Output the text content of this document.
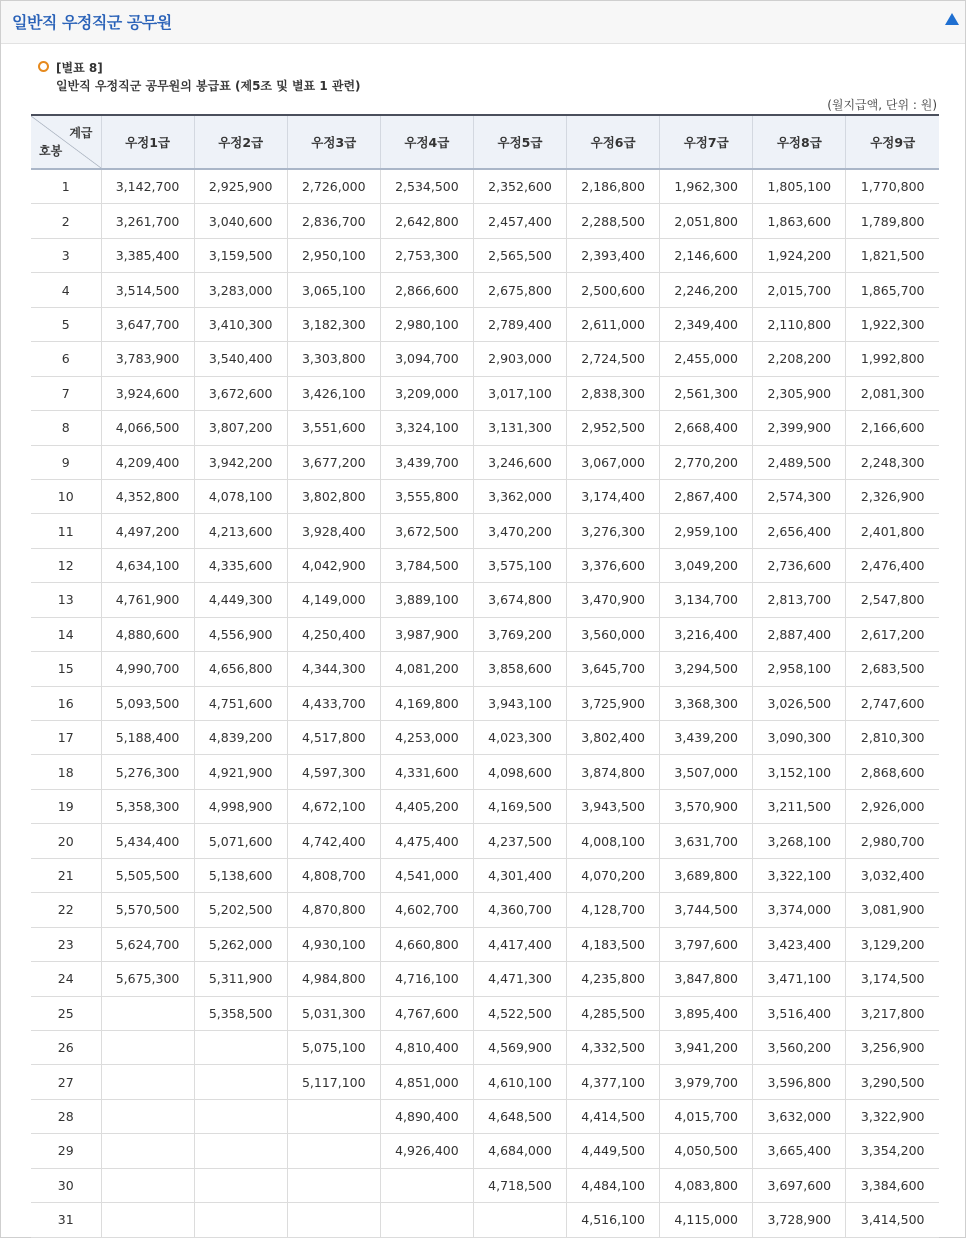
일반직 우정직군 공무원
[별표 8]
일반직 우정직군 공무원의 봉급표 (제5조 및 별표 1 관련)
(월지급액, 단위 : 원)
계급
호봉	우정1급	우정2급	우정3급	우정4급	우정5급	우정6급	우정7급	우정8급	우정9급
1	3,142,700	2,925,900	2,726,000	2,534,500	2,352,600	2,186,800	1,962,300	1,805,100	1,770,800
2	3,261,700	3,040,600	2,836,700	2,642,800	2,457,400	2,288,500	2,051,800	1,863,600	1,789,800
3	3,385,400	3,159,500	2,950,100	2,753,300	2,565,500	2,393,400	2,146,600	1,924,200	1,821,500
4	3,514,500	3,283,000	3,065,100	2,866,600	2,675,800	2,500,600	2,246,200	2,015,700	1,865,700
5	3,647,700	3,410,300	3,182,300	2,980,100	2,789,400	2,611,000	2,349,400	2,110,800	1,922,300
6	3,783,900	3,540,400	3,303,800	3,094,700	2,903,000	2,724,500	2,455,000	2,208,200	1,992,800
7	3,924,600	3,672,600	3,426,100	3,209,000	3,017,100	2,838,300	2,561,300	2,305,900	2,081,300
8	4,066,500	3,807,200	3,551,600	3,324,100	3,131,300	2,952,500	2,668,400	2,399,900	2,166,600
9	4,209,400	3,942,200	3,677,200	3,439,700	3,246,600	3,067,000	2,770,200	2,489,500	2,248,300
10	4,352,800	4,078,100	3,802,800	3,555,800	3,362,000	3,174,400	2,867,400	2,574,300	2,326,900
11	4,497,200	4,213,600	3,928,400	3,672,500	3,470,200	3,276,300	2,959,100	2,656,400	2,401,800
12	4,634,100	4,335,600	4,042,900	3,784,500	3,575,100	3,376,600	3,049,200	2,736,600	2,476,400
13	4,761,900	4,449,300	4,149,000	3,889,100	3,674,800	3,470,900	3,134,700	2,813,700	2,547,800
14	4,880,600	4,556,900	4,250,400	3,987,900	3,769,200	3,560,000	3,216,400	2,887,400	2,617,200
15	4,990,700	4,656,800	4,344,300	4,081,200	3,858,600	3,645,700	3,294,500	2,958,100	2,683,500
16	5,093,500	4,751,600	4,433,700	4,169,800	3,943,100	3,725,900	3,368,300	3,026,500	2,747,600
17	5,188,400	4,839,200	4,517,800	4,253,000	4,023,300	3,802,400	3,439,200	3,090,300	2,810,300
18	5,276,300	4,921,900	4,597,300	4,331,600	4,098,600	3,874,800	3,507,000	3,152,100	2,868,600
19	5,358,300	4,998,900	4,672,100	4,405,200	4,169,500	3,943,500	3,570,900	3,211,500	2,926,000
20	5,434,400	5,071,600	4,742,400	4,475,400	4,237,500	4,008,100	3,631,700	3,268,100	2,980,700
21	5,505,500	5,138,600	4,808,700	4,541,000	4,301,400	4,070,200	3,689,800	3,322,100	3,032,400
22	5,570,500	5,202,500	4,870,800	4,602,700	4,360,700	4,128,700	3,744,500	3,374,000	3,081,900
23	5,624,700	5,262,000	4,930,100	4,660,800	4,417,400	4,183,500	3,797,600	3,423,400	3,129,200
24	5,675,300	5,311,900	4,984,800	4,716,100	4,471,300	4,235,800	3,847,800	3,471,100	3,174,500
25		5,358,500	5,031,300	4,767,600	4,522,500	4,285,500	3,895,400	3,516,400	3,217,800
26			5,075,100	4,810,400	4,569,900	4,332,500	3,941,200	3,560,200	3,256,900
27			5,117,100	4,851,000	4,610,100	4,377,100	3,979,700	3,596,800	3,290,500
28				4,890,400	4,648,500	4,414,500	4,015,700	3,632,000	3,322,900
29				4,926,400	4,684,000	4,449,500	4,050,500	3,665,400	3,354,200
30					4,718,500	4,484,100	4,083,800	3,697,600	3,384,600
31						4,516,100	4,115,000	3,728,900	3,414,500
